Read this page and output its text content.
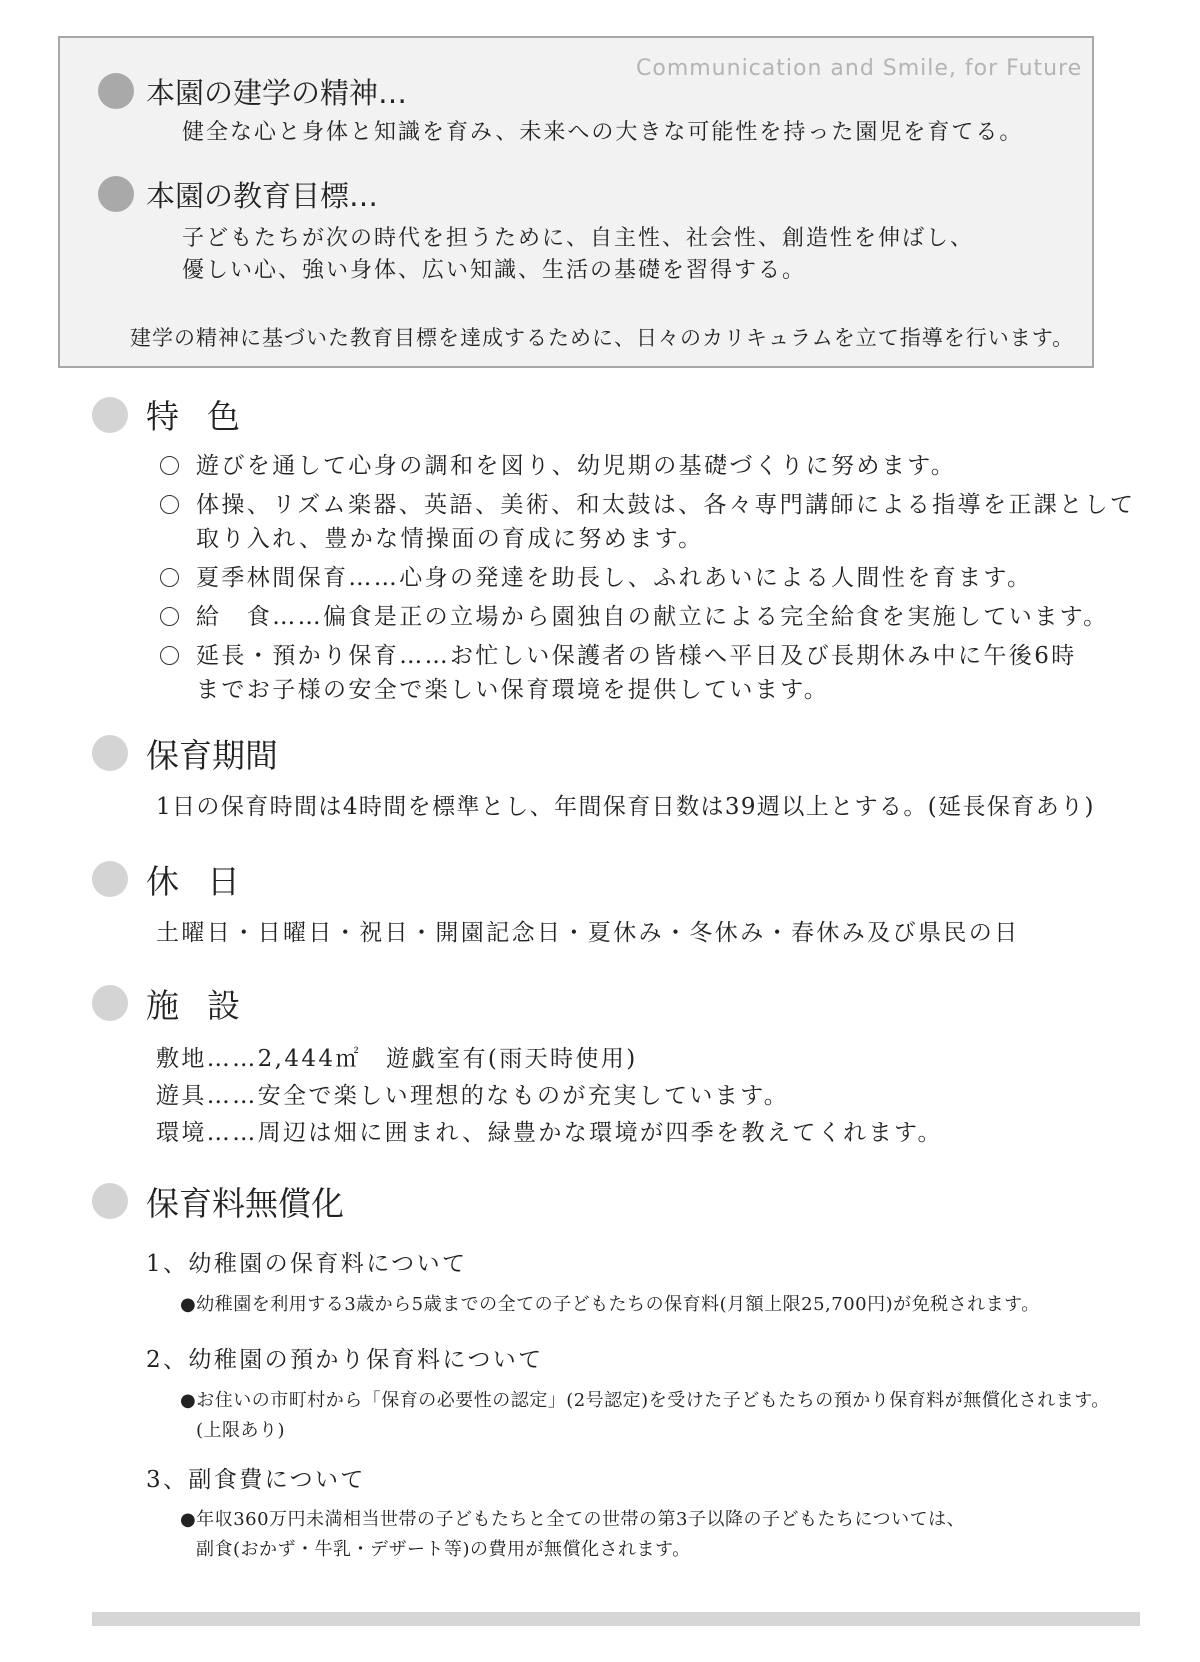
Communication and Smile, for Future
本園の建学の精神…
健全な心と身体と知識を育み、未来への大きな可能性を持った園児を育てる。
本園の教育目標…
子どもたちが次の時代を担うために、自主性、社会性、創造性を伸ばし、
優しい心、強い身体、広い知識、生活の基礎を習得する。
建学の精神に基づいた教育目標を達成するために、日々のカリキュラムを立て指導を行います。
特色
遊びを通して心身の調和を図り、幼児期の基礎づくりに努めます。
体操、リズム楽器、英語、美術、和太鼓は、各々専門講師による指導を正課として
取り入れ、豊かな情操面の育成に努めます。
夏季林間保育……心身の発達を助長し、ふれあいによる人間性を育ます。
給　食……偏食是正の立場から園独自の献立による完全給食を実施しています。
延長・預かり保育……お忙しい保護者の皆様へ平日及び長期休み中に午後6時
までお子様の安全で楽しい保育環境を提供しています。
保育期間
1日の保育時間は4時間を標準とし、年間保育日数は39週以上とする。(延長保育あり)
休日
土曜日・日曜日・祝日・開園記念日・夏休み・冬休み・春休み及び県民の日
施設
敷地……2,444㎡　遊戯室有(雨天時使用)
遊具……安全で楽しい理想的なものが充実しています。
環境……周辺は畑に囲まれ、緑豊かな環境が四季を教えてくれます。
保育料無償化
1、幼稚園の保育料について
●幼稚園を利用する3歳から5歳までの全ての子どもたちの保育料(月額上限25,700円)が免税されます。
2、幼稚園の預かり保育料について
●お住いの市町村から「保育の必要性の認定」(2号認定)を受けた子どもたちの預かり保育料が無償化されます。
(上限あり)
3、副食費について
●年収360万円未満相当世帯の子どもたちと全ての世帯の第3子以降の子どもたちについては、
副食(おかず・牛乳・デザート等)の費用が無償化されます。
